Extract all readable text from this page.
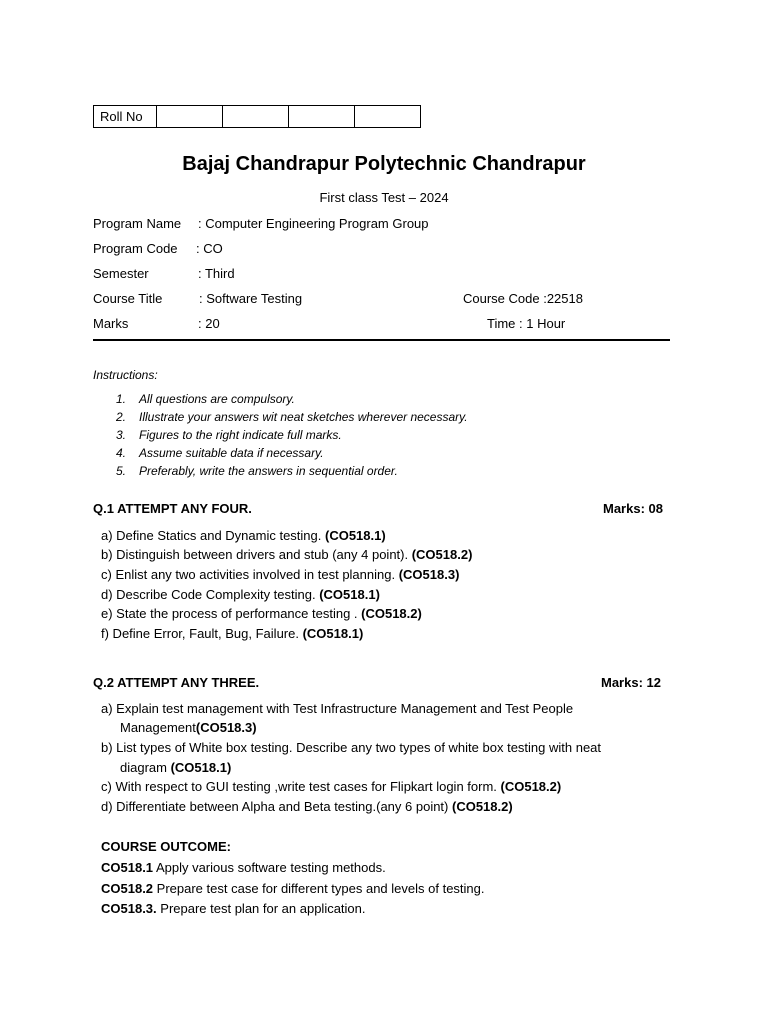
Roll No				
Bajaj Chandrapur Polytechnic Chandrapur
First class Test – 2024
Program Name : Computer Engineering Program Group
Program Code : CO
Semester	: Third
Course Title	: Software Testing	Course Code :22518
Marks	: 20	Time : 1 Hour
Instructions:
1. All questions are compulsory.
2. Illustrate your answers wit neat sketches wherever necessary.
3. Figures to the right indicate full marks.
4. Assume suitable data if necessary.
5. Preferably, write the answers in sequential order.
Q.1 ATTEMPT ANY FOUR.	Marks: 08
a) Define Statics and Dynamic testing. (CO518.1)
b) Distinguish between drivers and stub (any 4 point). (CO518.2)
c) Enlist any two activities involved in test planning. (CO518.3)
d) Describe Code Complexity testing. (CO518.1)
e) State the process of performance testing . (CO518.2)
f) Define Error, Fault, Bug, Failure. (CO518.1)
Q.2 ATTEMPT ANY THREE.	Marks: 12
a) Explain test management with Test Infrastructure Management and Test People
Management(CO518.3)
b) List types of White box testing. Describe any two types of white box testing with neat
diagram (CO518.1)
c) With respect to GUI testing ,write test cases for Flipkart login form. (CO518.2)
d) Differentiate between Alpha and Beta testing.(any 6 point) (CO518.2)
COURSE OUTCOME:
CO518.1 Apply various software testing methods.
CO518.2 Prepare test case for different types and levels of testing.
CO518.3. Prepare test plan for an application.
